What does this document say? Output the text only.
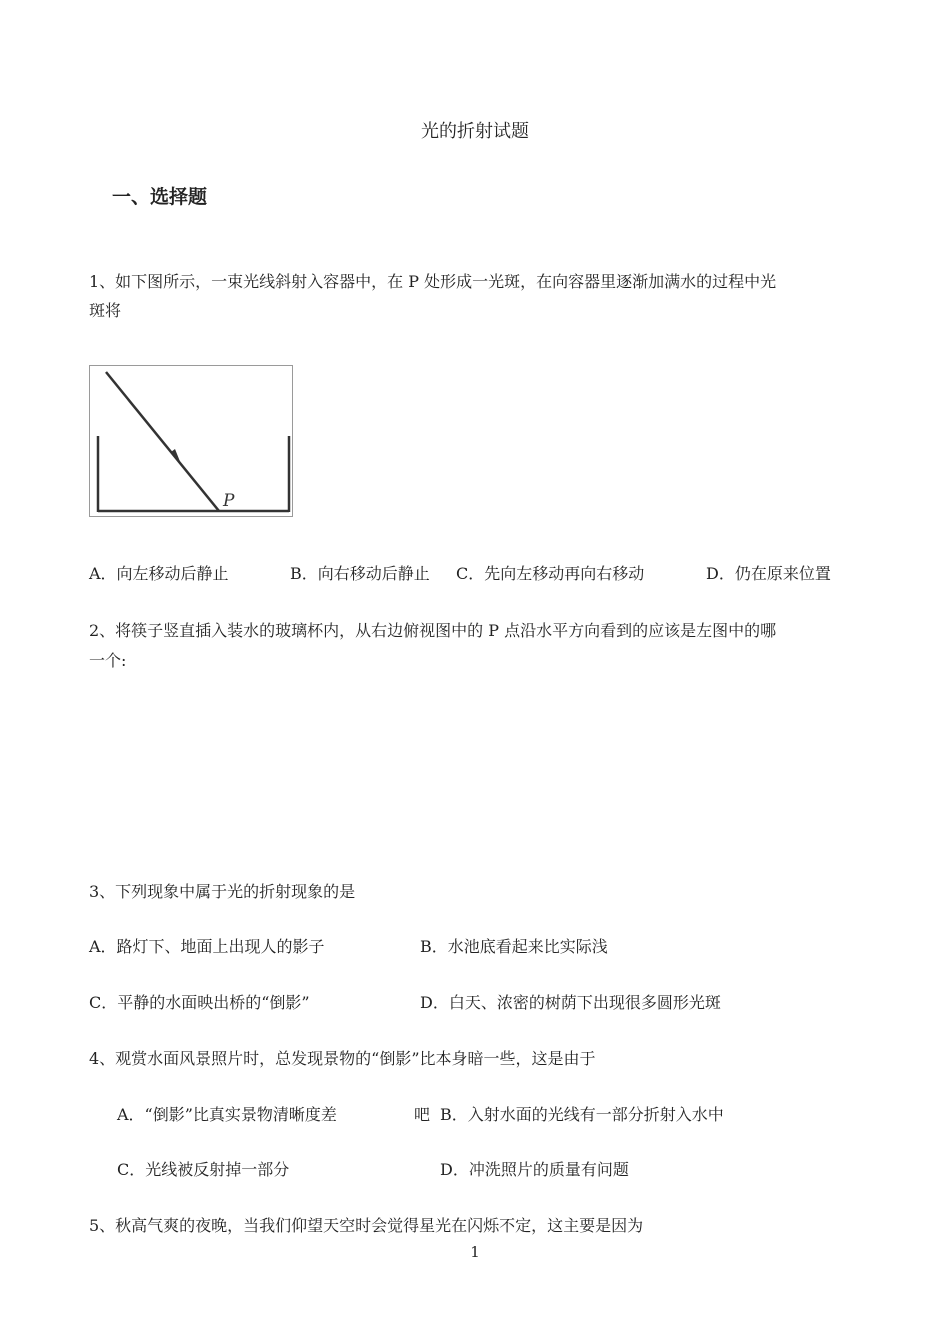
光的折射试题
一、选择题
1、如下图所示，一束光线斜射入容器中，在 P 处形成一光斑，在向容器里逐渐加满水的过程中光
斑将
P
A．向左移动后静止	B．向右移动后静止 C．先向左移动再向右移动	D．仍在原来位置
2、将筷子竖直插入装水的玻璃杯内，从右边俯视图中的 P 点沿水平方向看到的应该是左图中的哪
一个:
3、下列现象中属于光的折射现象的是
A．路灯下、地面上出现人的影子	B．水池底看起来比实际浅
C．平静的水面映出桥的“倒影”	D．白天、浓密的树荫下出现很多圆形光斑
4、观赏水面风景照片时，总发现景物的“倒影”比本身暗一些，这是由于
A．“倒影”比真实景物清晰度差	吧 B．入射水面的光线有一部分折射入水中
C．光线被反射掉一部分	D．冲洗照片的质量有问题
5、秋高气爽的夜晚，当我们仰望天空时会觉得星光在闪烁不定，这主要是因为
1
